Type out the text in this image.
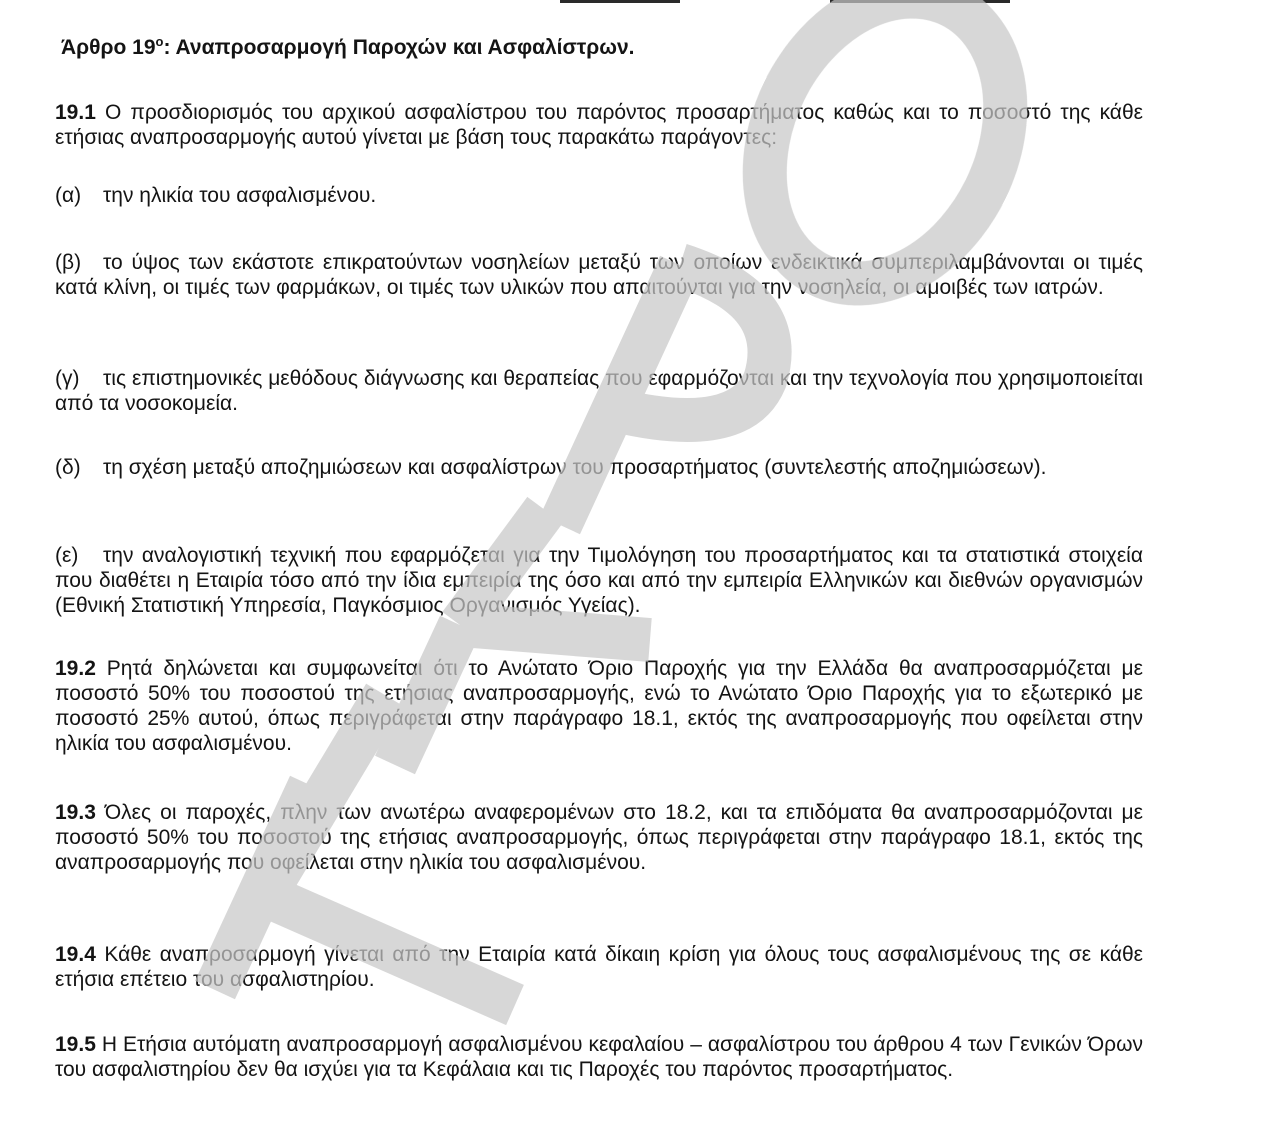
Άρθρο $19^o$: Αναπροσαρμογή Παροχών και Ασφαλίστρων.

19.1 Ο προσδιορισμός του αρχικού ασφαλίστρου του παρόντος προσαρτήματος καθώς και το ποσοστό της κάθε ετήσιας αναπροσαρμογής αυτού γίνεται με βάση τους παρακάτω παράγοντες:

(α) την ηλικία του ασφαλισμένου.

(β) το ύψος των εκάστοτε επικρατούντων νοσηλείων μεταξύ των οποίων ενδεικτικά συμπεριλαμβάνονται οι τιμές κατά κλίνη, οι τιμές των φαρμάκων, οι τιμές των υλικών που απαιτούνται για την νοσηλεία, οι αμοιβές των ιατρών.

(γ) τις επιστημονικές μεθόδους διάγνωσης και θεραπείας που εφαρμόζονται και την τεχνολογία που χρησιμοποιείται από τα νοσοκομεία.

(δ) τη σχέση μεταξύ αποζημιώσεων και ασφαλίστρων του προσαρτήματος (συντελεστής αποζημιώσεων).

(ε) την αναλογιστική τεχνική που εφαρμόζεται για την Τιμολόγηση του προσαρτήματος και τα στατιστικά στοιχεία που διαθέτει η Εταιρία τόσο από την ίδια εμπειρία της όσο και από την εμπειρία Ελληνικών και διεθνών οργανισμών (Εθνική Στατιστική Υπηρεσία, Παγκόσμιος Οργανισμός Υγείας).

19.2 Ρητά δηλώνεται και συμφωνείται ότι το Ανώτατο Όριο Παροχής για την Ελλάδα θα αναπροσαρμόζεται με ποσοστό 50% του ποσοστού της ετήσιας αναπροσαρμογής, ενώ το Ανώτατο Όριο Παροχής για το εξωτερικό με ποσοστό 25% αυτού, όπως περιγράφεται στην παράγραφο 18.1, εκτός της αναπροσαρμογής που οφείλεται στην ηλικία του ασφαλισμένου.

19.3 Όλες οι παροχές, πλην των ανωτέρω αναφερομένων στο 18.2, και τα επιδόματα θα αναπροσαρμόζονται με ποσοστό 50% του ποσοστού της ετήσιας αναπροσαρμογής, όπως περιγράφεται στην παράγραφο 18.1, εκτός της αναπροσαρμογής που οφείλεται στην ηλικία του ασφαλισμένου.

19.4 Κάθε αναπροσαρμογή γίνεται από την Εταιρία κατά δίκαιη κρίση για όλους τους ασφαλισμένους της σε κάθε ετήσια επέτειο του ασφαλιστηρίου.

19.5 Η Ετήσια αυτόματη αναπροσαρμογή ασφαλισμένου κεφαλαίου – ασφαλίστρου του άρθρου 4 των Γενικών Όρων του ασφαλιστηρίου δεν θα ισχύει για τα Κεφάλαια και τις Παροχές του παρόντος προσαρτήματος.
